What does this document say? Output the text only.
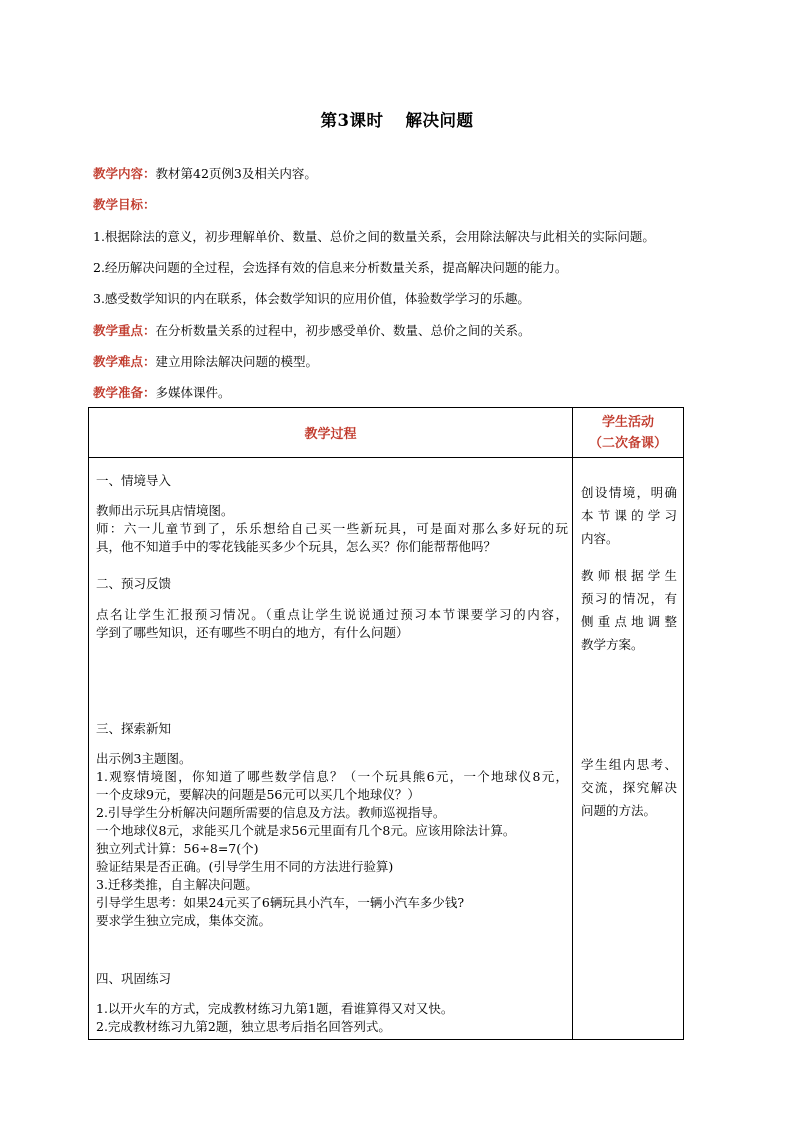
第3课时 解决问题
教学内容：教材第42页例3及相关内容。
教学目标：
1.根据除法的意义，初步理解单价、数量、总价之间的数量关系，会用除法解决与此相关的实际问题。
2.经历解决问题的全过程，会选择有效的信息来分析数量关系，提高解决问题的能力。
3.感受数学知识的内在联系，体会数学知识的应用价值，体验数学学习的乐趣。
教学重点：在分析数量关系的过程中，初步感受单价、数量、总价之间的关系。
教学难点：建立用除法解决问题的模型。
教学准备：多媒体课件。
教学过程
学生活动
（二次备课）
一、情境导入
教师出示玩具店情境图。
师：六一儿童节到了，乐乐想给自己买一些新玩具，可是面对那么多好玩的玩
具，他不知道手中的零花钱能买多少个玩具，怎么买？你们能帮帮他吗？
二、预习反馈
点名让学生汇报预习情况。（重点让学生说说通过预习本节课要学习的内容，
学到了哪些知识，还有哪些不明白的地方，有什么问题）
三、探索新知
出示例3主题图。
1.观察情境图，你知道了哪些数学信息？（一个玩具熊6元，一个地球仪8元，
一个皮球9元，要解决的问题是56元可以买几个地球仪？）
2.引导学生分析解决问题所需要的信息及方法。教师巡视指导。
一个地球仪8元，求能买几个就是求56元里面有几个8元。应该用除法计算。
独立列式计算：56÷8=7(个)
验证结果是否正确。(引导学生用不同的方法进行验算)
3.迁移类推，自主解决问题。
引导学生思考：如果24元买了6辆玩具小汽车，一辆小汽车多少钱?
要求学生独立完成，集体交流。
四、巩固练习
1.以开火车的方式，完成教材练习九第1题，看谁算得又对又快。
2.完成教材练习九第2题，独立思考后指名回答列式。
创设情境，明确
本节课的学习
内容。
教师根据学生
预习的情况，有
侧重点地调整
教学方案。
学生组内思考、
交流，探究解决
问题的方法。
